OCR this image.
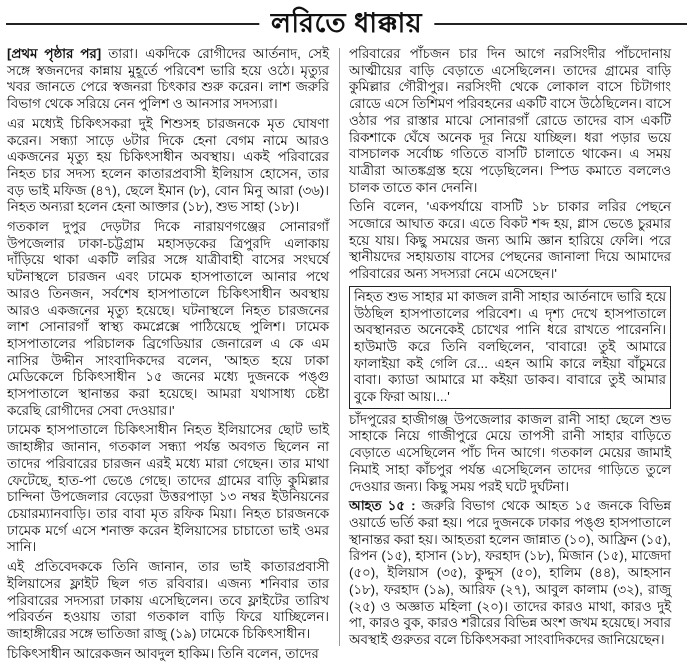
লরিতে ধাক্কায়

[প্রথম পৃষ্ঠার পর] তারা। একদিকে রোগীদের আর্তনাদ, সেই সঙ্গে স্বজনদের কান্নায় মুহূর্তে পরিবেশ ভারি হয়ে ওঠে। মৃত্যুর খবর জানতে পেরে স্বজনরা চিৎকার শুরু করেন। লাশ জরুরি বিভাগ থেকে সরিয়ে নেন পুলিশ ও আনসার সদস্যরা।

এর মধ্যেই চিকিৎসকরা দুই শিশুসহ চারজনকে মৃত ঘোষণা করেন। সন্ধ্যা সাড়ে ৬টার দিকে হেনা বেগম নামে আরও একজনের মৃত্যু হয় চিকিৎসাধীন অবস্থায়। একই পরিবারের নিহত চার সদস্য হলেন কাতারপ্রবাসী ইলিয়াস হোসেন, তার বড় ভাই মফিজ (৪৭), ছেলে ইমান (৮), বোন মিনু আরা (৩৬)। নিহত অন্যরা হলেন হেনা আক্তার (১৮), শুভ সাহা (১৮)।

গতকাল দুপুর দেড়টার দিকে নারায়ণগঞ্জের সোনারগাঁ উপজেলার ঢাকা-চট্টগ্রাম মহাসড়কের ত্রিপুরদি এলাকায় দাঁড়িয়ে থাকা একটি লরির সঙ্গে যাত্রীবাহী বাসের সংঘর্ষে ঘটনাস্থলে চারজন এবং ঢামেক হাসপাতালে আনার পথে আরও তিনজন, সর্বশেষ হাসপাতালে চিকিৎসাধীন অবস্থায় আরও একজনের মৃত্যু হয়েছে। ঘটনাস্থলে নিহত চারজনের লাশ সোনারগাঁ স্বাস্থ্য কমপ্লেক্সে পাঠিয়েছে পুলিশ। ঢামেক হাসপাতালের পরিচালক ব্রিগেডিয়ার জেনারেল এ কে এম নাসির উদ্দীন সাংবাদিকদের বলেন, 'আহত হয়ে ঢাকা মেডিকেলে চিকিৎসাধীন ১৫ জনের মধ্যে দুজনকে পঙ্গু হাসপাতালে স্থানান্তর করা হয়েছে। আমরা যথাসাধ্য চেষ্টা করেছি রোগীদের সেবা দেওয়ার।'

ঢামেক হাসপাতালে চিকিৎসাধীন নিহত ইলিয়াসের ছোট ভাই জাহাঙ্গীর জানান, গতকাল সন্ধ্যা পর্যন্ত অবগত ছিলেন না তাদের পরিবারের চারজন এরই মধ্যে মারা গেছেন। তার মাথা ফেটেছে, হাত-পা ভেঙে গেছে। তাদের গ্রামের বাড়ি কুমিল্লার চান্দিনা উপজেলার বেড়েরা উত্তরপাড়া ১৩ নম্বর ইউনিয়নের চেয়ারম্যানবাড়ি। তার বাবা মৃত রফিক মিয়া। নিহত চারজনকে ঢামেক মর্গে এসে শনাক্ত করেন ইলিয়াসের চাচাতো ভাই ওমর সানি।

এই প্রতিবেদককে তিনি জানান, তার ভাই কাতারপ্রবাসী ইলিয়াসের ফ্লাইট ছিল গত রবিবার। এজন্য শনিবার তার পরিবারের সদস্যরা ঢাকায় এসেছিলেন। তবে ফ্লাইটের তারিখ পরিবর্তন হওয়ায় তারা গতকাল বাড়ি ফিরে যাচ্ছিলেন। জাহাঙ্গীরের সঙ্গে ভাতিজা রাজু (১৯) ঢামেকে চিকিৎসাধীন।

চিকিৎসাধীন আরেকজন আবদুল হাকিম। তিনি বলেন, তাদের

পরিবারের পাঁচজন চার দিন আগে নরসিংদীর পাঁচদোনায় আত্মীয়ের বাড়ি বেড়াতে এসেছিলেন। তাদের গ্রামের বাড়ি কুমিল্লার গৌরীপুর। নরসিংদী থেকে লোকাল বাসে চিটাগাং রোডে এসে তিশিমণ পরিবহনের একটি বাসে উঠেছিলেন। বাসে ওঠার পর রাস্তার মাঝে সোনারগাঁ রোডে তাদের বাস একটি রিকশাকে ঘেঁষে অনেক দূর নিয়ে যাচ্ছিল। ধরা পড়ার ভয়ে বাসচালক সর্বোচ্চ গতিতে বাসটি চালাতে থাকেন। এ সময় যাত্রীরা আতঙ্কগ্রস্ত হয়ে পড়েছিলেন। স্পিড কমাতে বললেও চালক তাতে কান দেননি।

তিনি বলেন, 'একপর্যায়ে বাসটি ১৮ চাকার লরির পেছনে সজোরে আঘাত করে। এতে বিকট শব্দ হয়, গ্লাস ভেঙে চুরমার হয়ে যায়। কিছু সময়ের জন্য আমি জ্ঞান হারিয়ে ফেলি। পরে স্থানীয়দের সহায়তায় বাসের পেছনের জানালা দিয়ে আমাদের পরিবারের অন্য সদস্যরা নেমে এসেছেন।'

নিহত শুভ সাহার মা কাজল রানী সাহার আর্তনাদে ভারি হয়ে উঠছিল হাসপাতালের পরিবেশ। এ দৃশ্য দেখে হাসপাতালে অবস্থানরত অনেকেই চোখের পানি ধরে রাখতে পারেননি। হাউমাউ করে তিনি বলছিলেন, 'বাবারে! তুই আমারে ফালাইয়া কই গেলি রে... এহন আমি কারে লইয়া বাঁচুমরে বাবা। ক্যাডা আমারে মা কইয়া ডাকব। বাবারে তুই আমার বুকে ফিরা আয়।...'

চাঁদপুরের হাজীগঞ্জ উপজেলার কাজল রানী সাহা ছেলে শুভ সাহাকে নিয়ে গাজীপুরে মেয়ে তাপসী রানী সাহার বাড়িতে বেড়াতে এসেছিলেন পাঁচ দিন আগে। গতকাল মেয়ের জামাই নিমাই সাহা কাঁচপুর পর্যন্ত এসেছিলেন তাদের গাড়িতে তুলে দেওয়ার জন্য। কিছু সময় পরই ঘটে দুর্ঘটনা।

আহত ১৫ : জরুরি বিভাগ থেকে আহত ১৫ জনকে বিভিন্ন ওয়ার্ডে ভর্তি করা হয়। পরে দুজনকে ঢাকার পঙ্গু হাসপাতালে স্থানান্তর করা হয়। আহতরা হলেন জান্নাত (১০), আফ্রিন (১৫), রিপন (১৫), হাসান (১৮), ফরহাদ (১৮), মিজান (১৫), মাজেদা (৫০), ইলিয়াস (৩৫), কুদ্দুস (৫০), হালিম (৪৪), আহসান (১৮), ফরহাদ (১৯), আরিফ (২৭), আবুল কালাম (৩২), রাজু (২৫) ও অজ্ঞাত মহিলা (২০)। তাদের কারও মাথা, কারও দুই পা, কারও বুক, কারও শরীরের বিভিন্ন অংশ জখম হয়েছে। সবার অবস্থাই গুরুতর বলে চিকিৎসকরা সাংবাদিকদের জানিয়েছেন।
